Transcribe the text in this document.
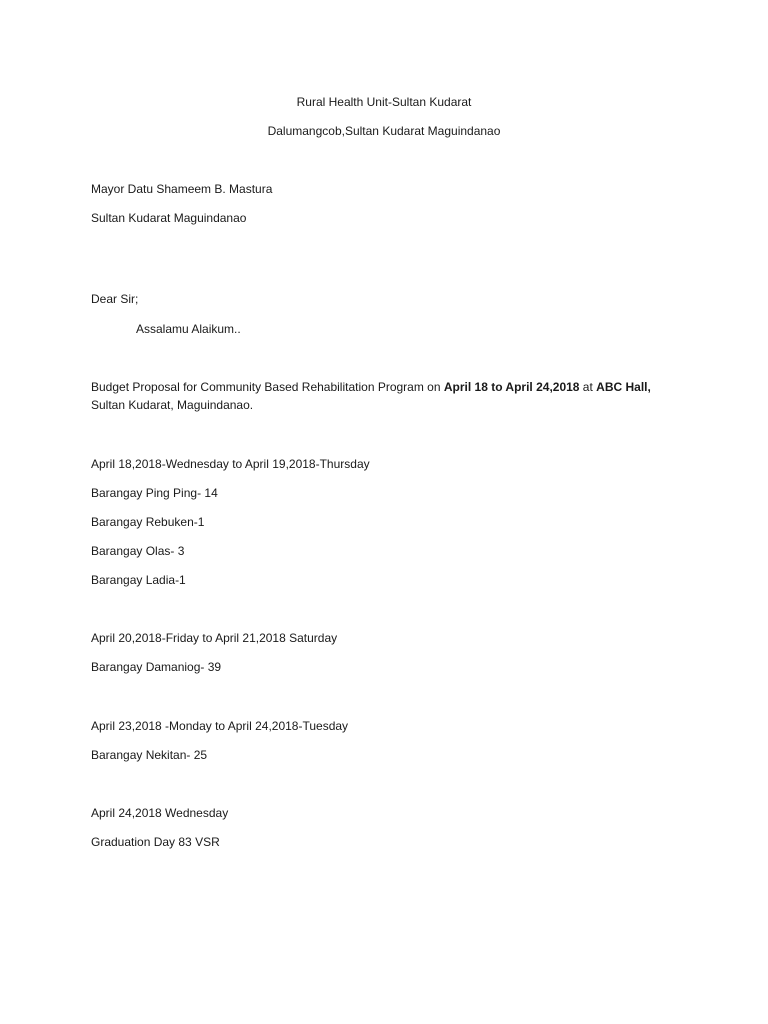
Rural Health Unit-Sultan Kudarat
Dalumangcob,Sultan Kudarat Maguindanao
Mayor Datu Shameem B. Mastura
Sultan Kudarat Maguindanao
Dear Sir;
Assalamu Alaikum..
Budget Proposal for Community Based Rehabilitation Program on April 18 to April 24,2018 at ABC Hall,
Sultan Kudarat, Maguindanao.
April 18,2018-Wednesday to April 19,2018-Thursday
Barangay Ping Ping- 14
Barangay Rebuken-1
Barangay Olas- 3
Barangay Ladia-1
April 20,2018-Friday to April 21,2018 Saturday
Barangay Damaniog- 39
April 23,2018 -Monday to April 24,2018-Tuesday
Barangay Nekitan- 25
April 24,2018 Wednesday
Graduation Day 83 VSR
